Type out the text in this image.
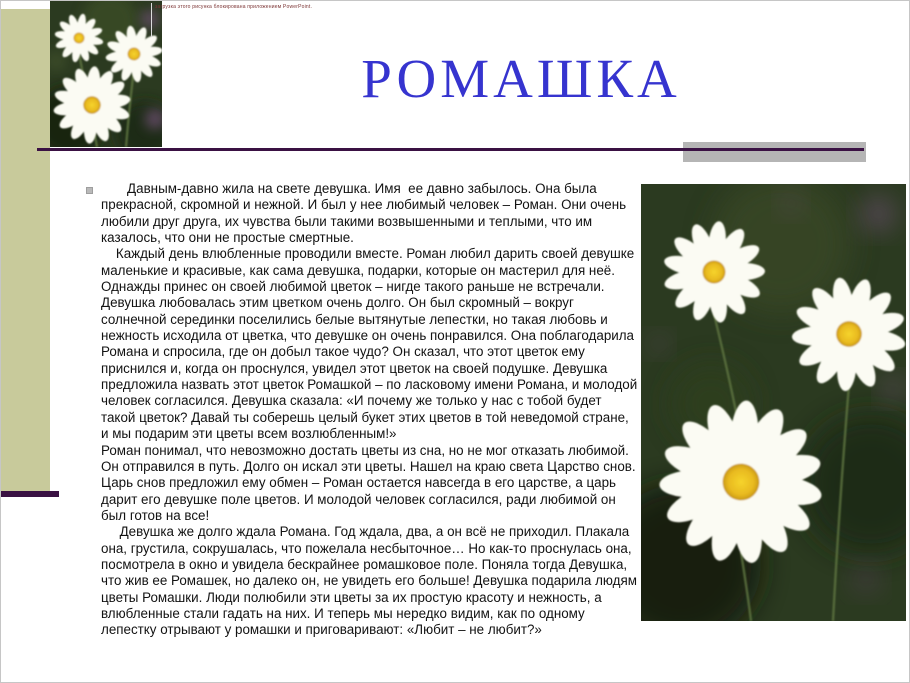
загрузка этого рисунка блокирована приложением PowerPoint.
РОМАШКА

Давным-давно жила на свете девушка. Имя  ее давно забылось. Она была прекрасной, скромной и нежной. И был у нее любимый человек – Роман. Они очень любили друг друга, их чувства были такими возвышенными и теплыми, что им казалось, что они не простые смертные.

Каждый день влюбленные проводили вместе. Роман любил дарить своей девушке маленькие и красивые, как сама девушка, подарки, которые он мастерил для неё. Однажды принес он своей любимой цветок – нигде такого раньше не встречали. Девушка любовалась этим цветком очень долго. Он был скромный – вокруг солнечной серединки поселились белые вытянутые лепестки, но такая любовь и нежность исходила от цветка, что девушке он очень понравился. Она поблагодарила Романа и спросила, где он добыл такое чудо? Он сказал, что этот цветок ему приснился и, когда он проснулся, увидел этот цветок на своей подушке. Девушка предложила назвать этот цветок Ромашкой – по ласковому имени Романа, и молодой человек согласился. Девушка сказала: «И почему же только у нас с тобой будет такой цветок? Давай ты соберешь целый букет этих цветов в той неведомой стране, и мы подарим эти цветы всем возлюбленным!»

Роман понимал, что невозможно достать цветы из сна, но не мог отказать любимой. Он отправился в путь. Долго он искал эти цветы. Нашел на краю света Царство снов. Царь снов предложил ему обмен – Роман остается навсегда в его царстве, а царь дарит его девушке поле цветов. И молодой человек согласился, ради любимой он был готов на все!

Девушка же долго ждала Романа. Год ждала, два, а он всё не приходил. Плакала она, грустила, сокрушалась, что пожелала несбыточное… Но как-то проснулась она, посмотрела в окно и увидела бескрайнее ромашковое поле. Поняла тогда Девушка, что жив ее Ромашек, но далеко он, не увидеть его больше! Девушка подарила людям цветы Ромашки. Люди полюбили эти цветы за их простую красоту и нежность, а влюбленные стали гадать на них. И теперь мы нередко видим, как по одному лепестку отрывают у ромашки и приговаривают: «Любит – не любит?»
